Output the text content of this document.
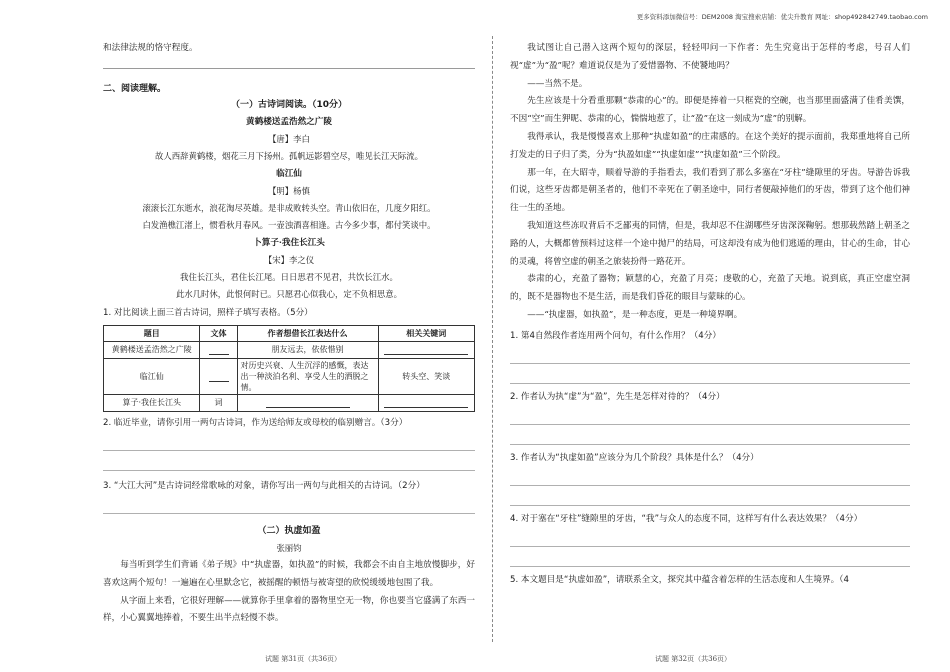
更多资料添加微信号：DEM2008 淘宝搜索店铺：优尖升教育 网址：shop492842749.taobao.com

和法律法规的恪守程度。

二、阅读理解。

（一）古诗词阅读。（10分）

黄鹤楼送孟浩然之广陵

【唐】李白

故人西辞黄鹤楼，烟花三月下扬州。孤帆远影碧空尽，唯见长江天际流。

临江仙

【明】杨慎

滚滚长江东逝水，浪花淘尽英雄。是非成败转头空。青山依旧在，几度夕阳红。

白发渔樵江渚上，惯看秋月春风。一壶浊酒喜相逢。古今多少事，都付笑谈中。

卜算子·我住长江头

【宋】李之仪

我住长江头，君住长江尾。日日思君不见君，共饮长江水。

此水几时休，此恨何时已。只愿君心似我心，定不负相思意。

1. 对比阅读上面三首古诗词，照样子填写表格。（5分）

题目	文体	作者想借长江表达什么	相关关键词
黄鹤楼送孟浩然之广陵		朋友远去，依依惜别	
临江仙		对历史兴衰、人生沉浮的感慨，表达出一种淡泊名利、享受人生的洒脱之情。	转头空、笑谈
算子·我住长江头	词		

2. 临近毕业，请你引用一两句古诗词，作为送给师友或母校的临别赠言。（3分）

3. “大江大河”是古诗词经常歌咏的对象，请你写出一两句与此相关的古诗词。（2分）

（二）执虚如盈

张丽钧

每当听到学生们背诵《弟子规》中“执虚器，如执盈”的时候，我都会不由自主地放慢脚步，好喜欢这两个短句！一遍遍在心里默念它，被摇醒的顿悟与被寄望的欣悦缓缓地包围了我。

从字面上来看，它很好理解——就算你手里拿着的器物里空无一物，你也要当它盛满了东西一样，小心翼翼地捧着，不要生出半点轻慢不恭。

我试图让自己潜入这两个短句的深层，轻轻叩问一下作者：先生究竟出于怎样的考虑，号召人们视“虚”为“盈”呢？难道说仅是为了爱惜器物、不使饕地吗？

——当然不是。

先生应该是十分看重那颗“恭肃的心”的。即便是捧着一只框瓷的空碗，也当那里面盛满了佳肴美馔，不因“空”而生狎昵、恭肃的心，惴惴地惹了，让“盈”在这一刻成为“虚”的别解。

我得承认，我是慢慢喜欢上那种“执虚如盈”的庄肃感的。在这个美好的提示面前，我郑重地将自己所打发走的日子归了类，分为“执盈如虚”“执虚如虚”“执虚如盈”三个阶段。

那一年，在大昭寺，顺着导游的手指看去，我们看到了那么多塞在“牙柱”缝隙里的牙齿。导游告诉我们说，这些牙齿都是朝圣者的，他们不幸死在了朝圣途中，同行者便敲掉他们的牙齿，带到了这个他们神往一生的圣地。

我知道这些冻叹背后不乏鄙夷的同情，但是，我却忍不住湖哪些牙齿深深鞠躬。想那载然踏上朝圣之路的人，大概都曾预料过这样一个途中抛尸的结局，可这却没有成为他们逃遁的理由，甘心的生命，甘心的灵魂，将曾空虚的朝圣之旅装扮得一路花开。

恭肃的心，充盈了器物；颖慧的心，充盈了月亮；虔敬的心，充盈了天地。说到底，真正空虚空洞的，既不是器物也不是生活，而是我们昏花的眼目与蒙昧的心。

——“执虚器，如执盈”，是一种态度，更是一种境界啊。

1. 第4自然段作者连用两个问句，有什么作用？（4分）

2. 作者认为执“虚”为“盈”，先生是怎样对待的？（4分）

3. 作者认为“执虚如盈”应该分为几个阶段？具体是什么？（4分）

4. 对于塞在“牙柱”缝隙里的牙齿，“我”与众人的态度不同，这样写有什么表达效果？（4分）

5. 本文题目是“执虚如盈”，请联系全文，探究其中蕴含着怎样的生活态度和人生境界。（4

试题 第31页（共36页）	试题 第32页（共36页）
